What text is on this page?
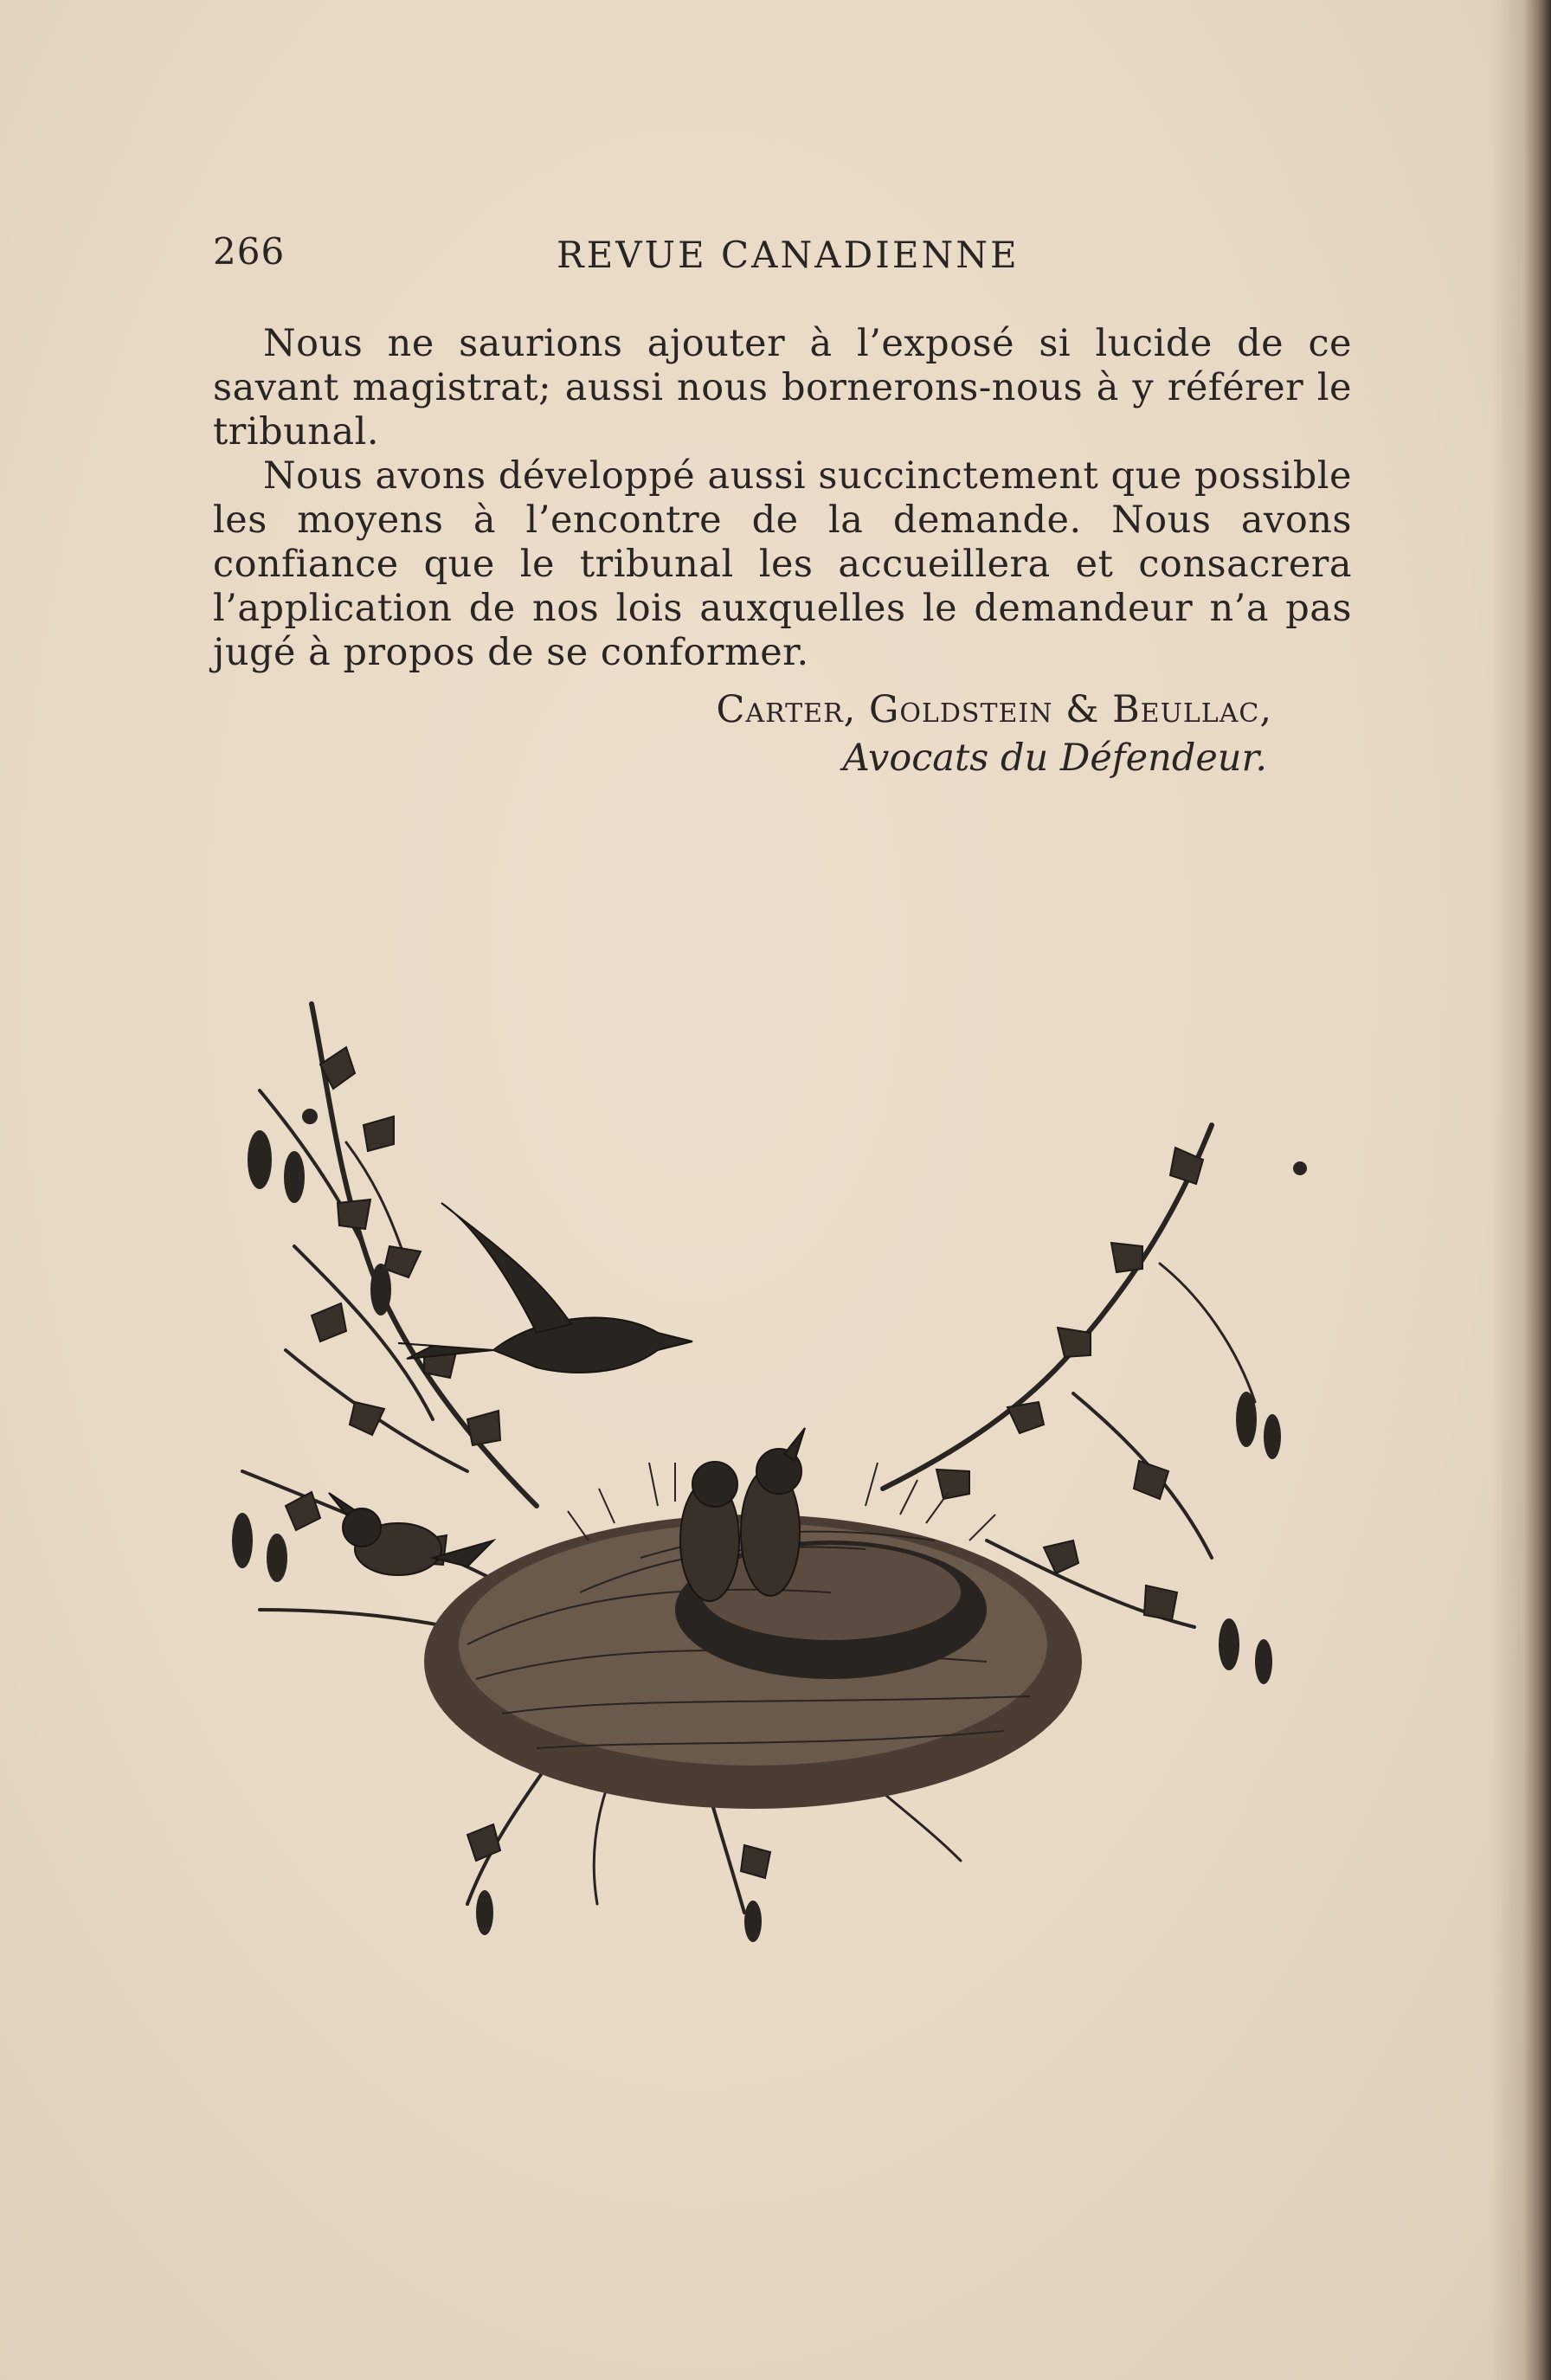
266	REVUE CANADIENNE

Nous ne saurions ajouter à l’exposé si lucide de ce savant magistrat; aussi nous bornerons-nous à y référer le tribunal.

Nous avons développé aussi succinctement que possible les moyens à l’encontre de la demande. Nous avons confiance que le tribunal les accueillera et consacrera l’application de nos lois auxquelles le demandeur n’a pas jugé à propos de se conformer.

Carter, Goldstein & Beullac,
Avocats du Défendeur.
